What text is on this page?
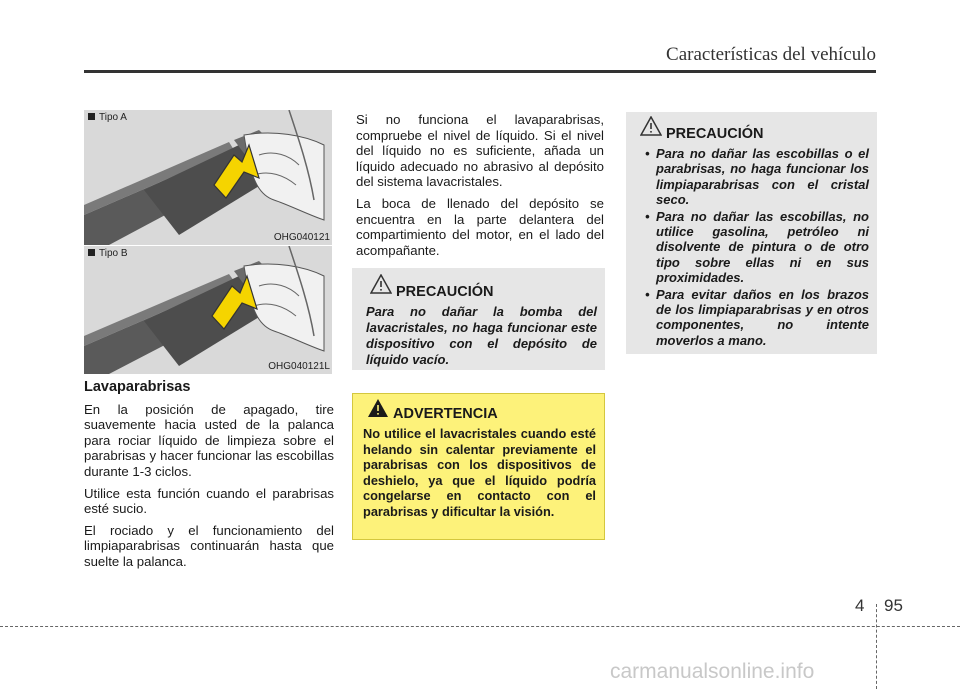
Características del vehículo
Tipo A
OHG040121
Tipo B
OHG040121L
Lavaparabrisas

En la posición de apagado, tire suavemente hacia usted de la palanca para rociar líquido de limpieza sobre el parabrisas y hacer funcionar las escobillas durante 1-3 ciclos.

Utilice esta función cuando el parabrisas esté sucio.

El rociado y el funcionamiento del limpiaparabrisas continuarán hasta que suelte la palanca.

Si no funciona el lavaparabrisas, compruebe el nivel de líquido. Si el nivel del líquido no es suficiente, añada un líquido adecuado no abrasivo al depósito del sistema lavacristales.

La boca de llenado del depósito se encuentra en la parte delantera del compartimiento del motor, en el lado del acompañante.

PRECAUCIÓN
Para no dañar la bomba del lavacristales, no haga funcionar este dispositivo con el depósito de líquido vacío.
ADVERTENCIA
No utilice el lavacristales cuando esté helando sin calentar previamente el parabrisas con los dispositivos de deshielo, ya que el líquido podría congelarse en contacto con el parabrisas y dificultar la visión.
PRECAUCIÓN
• Para no dañar las escobillas o el parabrisas, no haga funcionar los limpiaparabrisas con el cristal seco.
• Para no dañar las escobillas, no utilice gasolina, petróleo ni disolvente de pintura o de otro tipo sobre ellas ni en sus proximidades.
• Para evitar daños en los brazos de los limpiaparabrisas y en otros componentes, no intente moverlos a mano.
4 95
carmanualsonline.info
